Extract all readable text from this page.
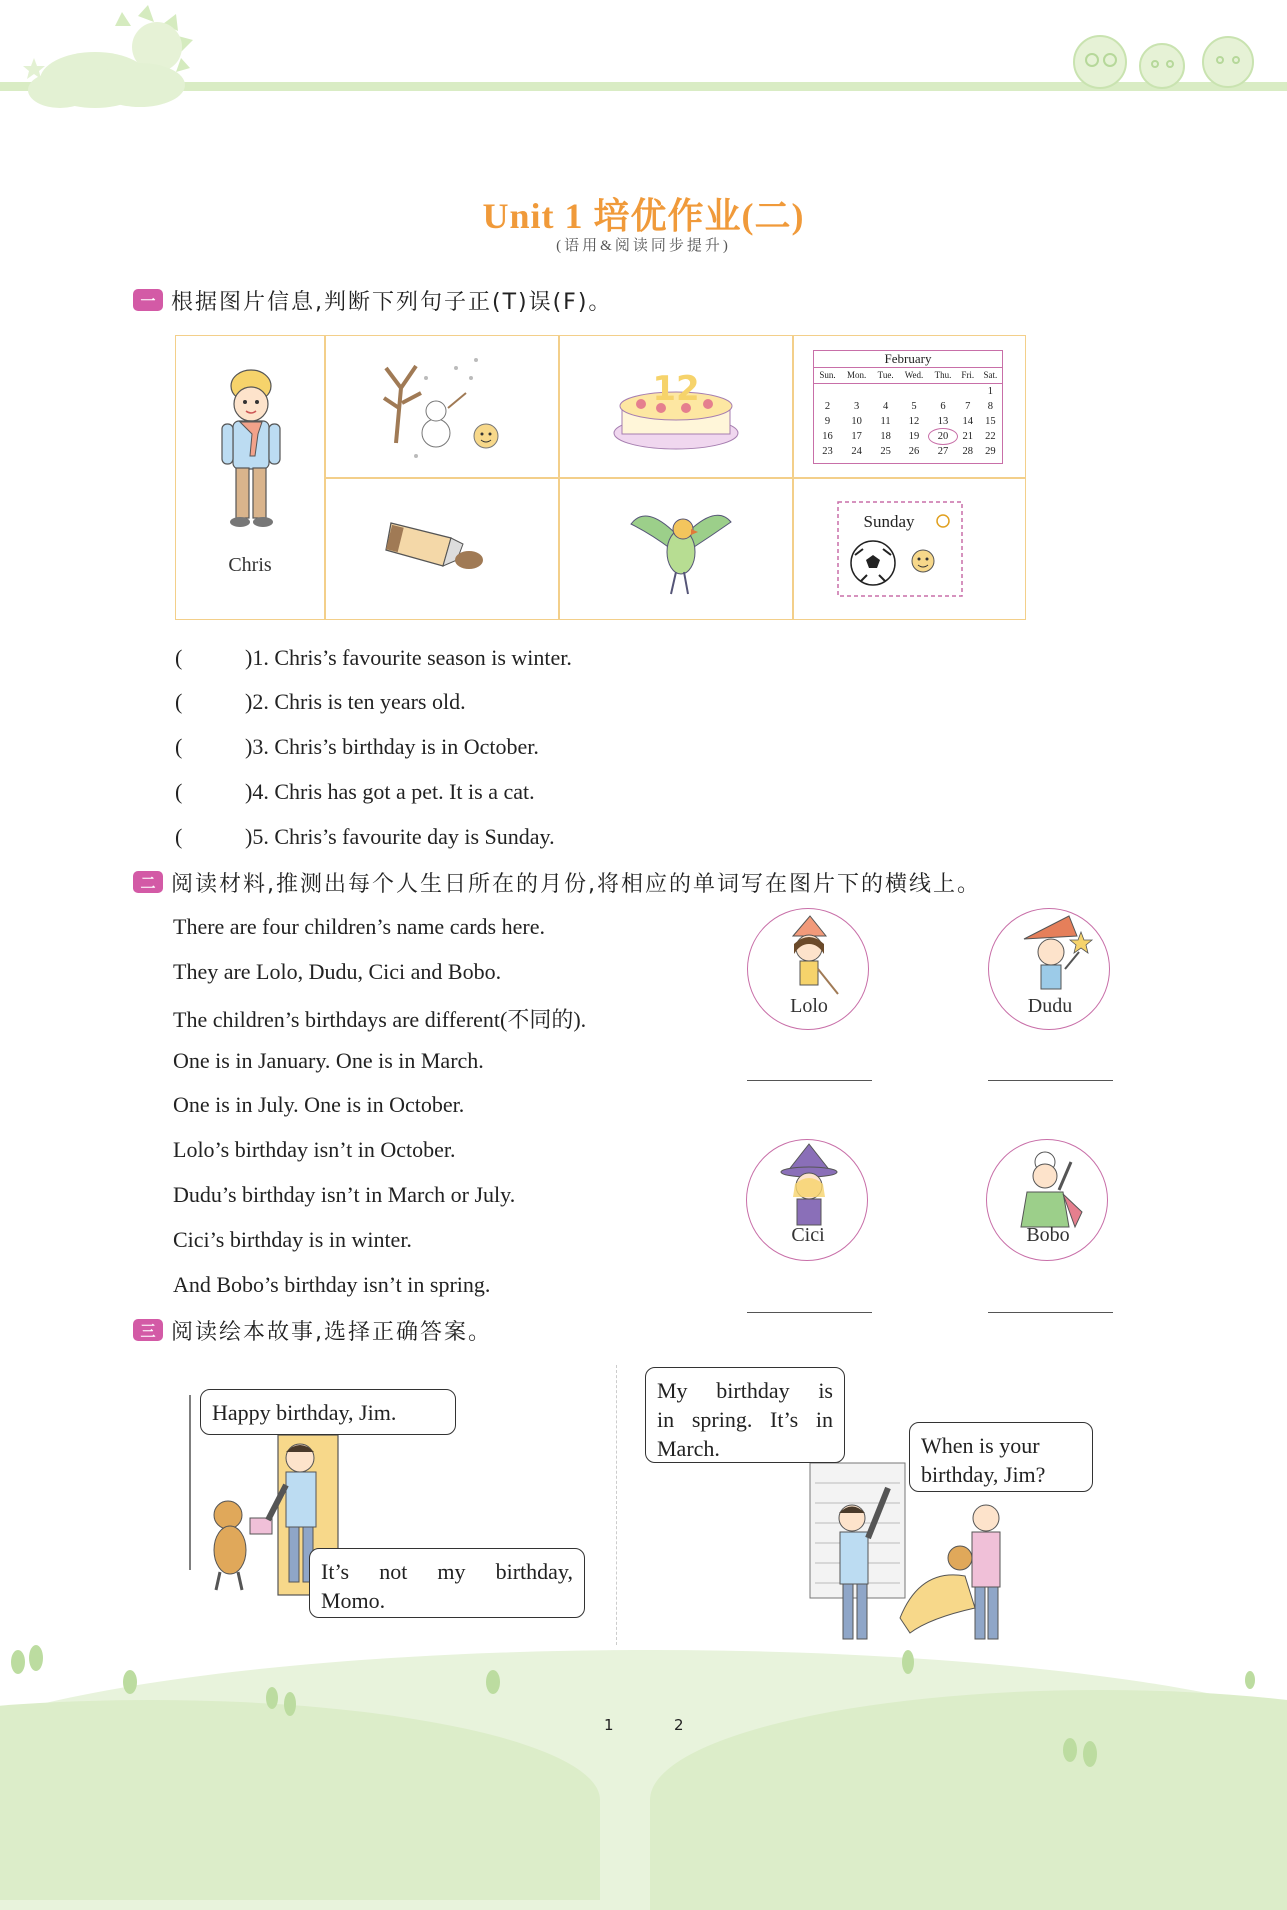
Unit 1 培优作业(二)
(语用&阅读同步提升)
一 根据图片信息,判断下列句子正(T)误(F)。
Chris
12
February
Sun.	Mon.	Tue.	Wed.	Thu.	Fri.	Sat.
						1
2	3	4	5	6	7	8
9	10	11	12	13	14	15
16	17	18	19	20	21	22
23	24	25	26	27	28	29
Sunday
(	)1. Chris’s favourite season is winter.
(	)2. Chris is ten years old.
(	)3. Chris’s birthday is in October.
(	)4. Chris has got a pet. It is a cat.
(	)5. Chris’s favourite day is Sunday.
二 阅读材料,推测出每个人生日所在的月份,将相应的单词写在图片下的横线上。
There are four children’s name cards here.
They are Lolo, Dudu, Cici and Bobo.
The children’s birthdays are different(不同的).
One is in January. One is in March.
One is in July. One is in October.
Lolo’s birthday isn’t in October.
Dudu’s birthday isn’t in March or July.
Cici’s birthday is in winter.
And Bobo’s birthday isn’t in spring.
Lolo	Dudu
Cici	Bobo
三 阅读绘本故事,选择正确答案。
Happy birthday, Jim.
It’s not my birthday,
Momo.
My birthday is
in spring. It’s in
March.	When is your
birthday, Jim?
1	2
